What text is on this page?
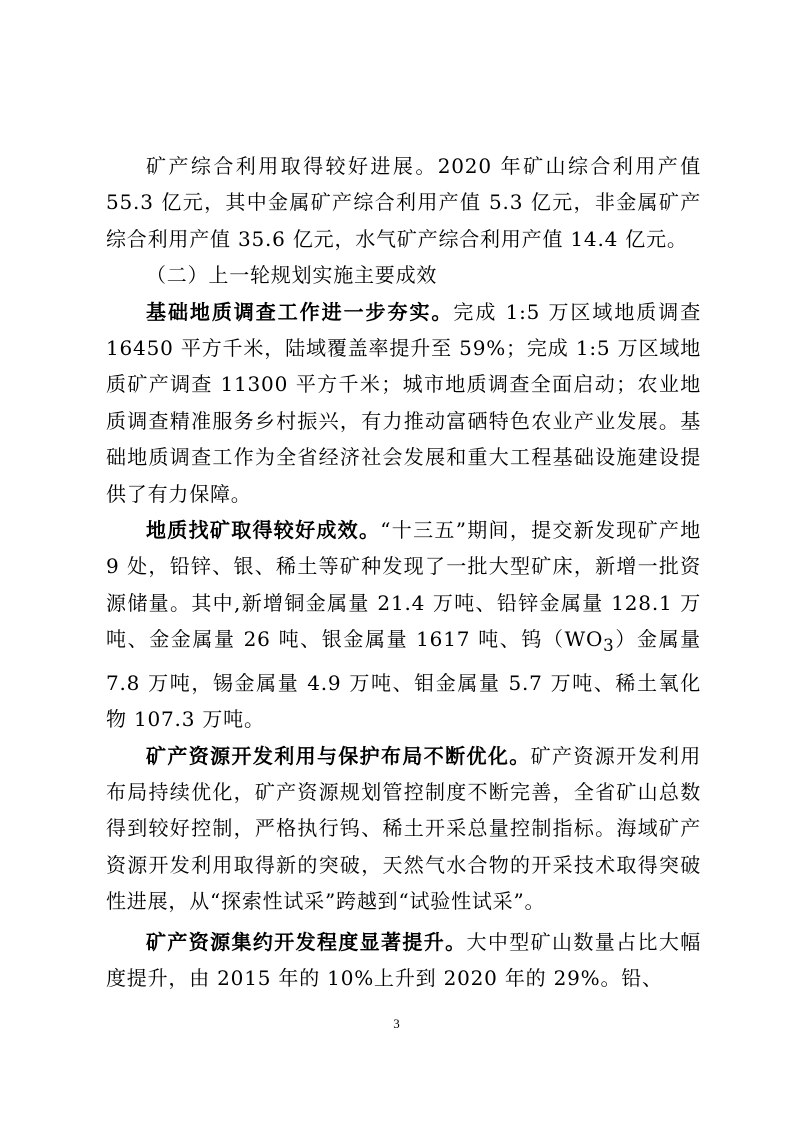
矿产综合利用取得较好进展。2020 年矿山综合利用产值 55.3 亿元，其中金属矿产综合利用产值 5.3 亿元，非金属矿产综合利用产值 35.6 亿元，水气矿产综合利用产值 14.4 亿元。

（二）上一轮规划实施主要成效

基础地质调查工作进一步夯实。完成 1:5 万区域地质调查 16450 平方千米，陆域覆盖率提升至 59%；完成 1:5 万区域地质矿产调查 11300 平方千米；城市地质调查全面启动；农业地质调查精准服务乡村振兴，有力推动富硒特色农业产业发展。基础地质调查工作为全省经济社会发展和重大工程基础设施建设提供了有力保障。

地质找矿取得较好成效。“十三五”期间，提交新发现矿产地 9 处，铅锌、银、稀土等矿种发现了一批大型矿床，新增一批资源储量。其中,新增铜金属量 21.4 万吨、铅锌金属量 128.1 万吨、金金属量 26 吨、银金属量 1617 吨、钨$(WO_3)$金属量 7.8 万吨，锡金属量 4.9 万吨、钼金属量 5.7 万吨、稀土氧化物 107.3 万吨。

矿产资源开发利用与保护布局不断优化。矿产资源开发利用布局持续优化，矿产资源规划管控制度不断完善，全省矿山总数得到较好控制，严格执行钨、稀土开采总量控制指标。海域矿产资源开发利用取得新的突破，天然气水合物的开采技术取得突破性进展，从“探索性试采”跨越到“试验性试采”。

矿产资源集约开发程度显著提升。大中型矿山数量占比大幅度提升，由 2015 年的 10%上升到 2020 年的 29%。铅、

3
